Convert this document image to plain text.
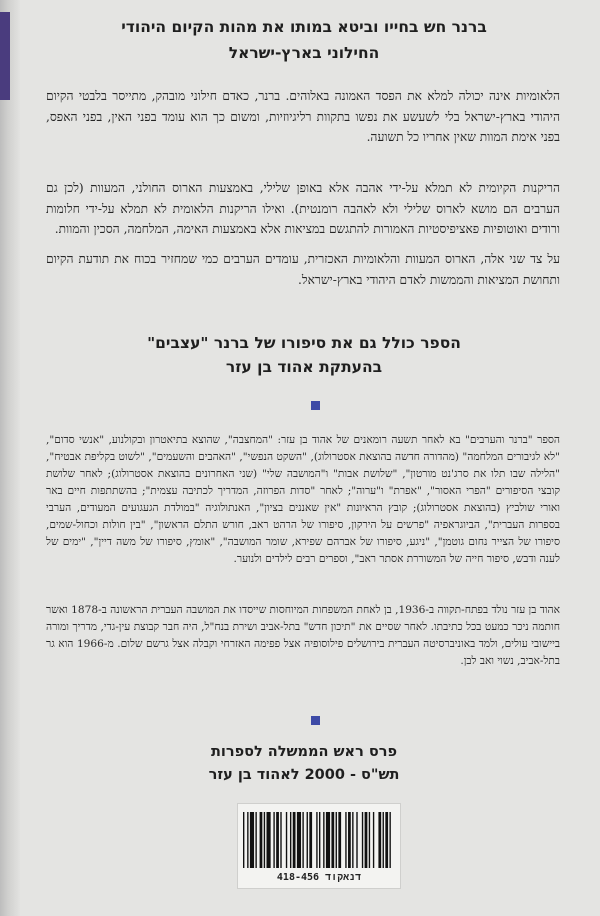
ברנר חש בחייו וביטא במותו את מהות הקיום היהודי
החילוני בארץ-ישראל

הלאומיות אינה יכולה למלא את הפסד האמונה באלוהים. ברנר, כאדם חילוני מובהק, מתייסר בלבטי הקיום היהודי בארץ-ישראל בלי לשעשע את נפשו בתקוות רליגיוזיות, ומשום כך הוא עומד בפני האין, בפני האפס, בפני אימת המוות שאין אחריו כל תשועה.

הריקנות הקיומית לא תמלא על-ידי אהבה אלא באופן שלילי, באמצעות הארוס החולני, המעוות (לכן גם הערבים הם מושא לארוס שלילי ולא לאהבה רומנטית). ואילו הריקנות הלאומית לא תמלא על-ידי חלומות ורודים ואוטופיות פאציפיסטיות האמורות להתגשם במציאות אלא באמצעות האימה, המלחמה, הסכין והמוות.

על צד שני אלה, הארוס המעוות והלאומיות האכזרית, עומדים הערבים כמי שמחזיר בכוח את תודעת הקיום ותחושת המציאות והממשות לאדם היהודי בארץ-ישראל.

הספר כולל גם את סיפורו של ברנר "עצבים"
בהעתקת אהוד בן עזר

הספר "ברנר והערבים" בא לאחר תשעה רומאנים של אהוד בן עזר: "המחצבה", שהוצא בתיאטרון ובקולנוע, "אנשי סדום", "לא לגיבורים המלחמה" (מהדורה חדשה בהוצאת אסטרולוג), "השקט הנפשי", "האהבים והשעמים", "לשוט בקליפת אבטיח", "הלילה שבו תלו את סרג'נט מורטון", "שלושת אבות" ו"המושבה שלי" (שני האחרונים בהוצאת אסטרולוג); לאחר שלושת קובצי הסיפורים "הפרי האסור", "אפרת" ו"ערוה"; לאחר "סדות הפרוזה, המדריך לכתיבה עצמית"; בהשתתפות חיים באר ואורי שולביץ (בהוצאת אסטרולוג); קובץ הראיונות "אין שאננים בציון", האנתולוגיה "במולדת הגעגועים המעודים, הערבי בספרות העברית", הביוגראפיה "פרשים על הירקון, סיפורו של הרהט ראב, חורש התלם הראשון", "בין חולות וכחול-שמים, סיפורו של הצייר נחום גוטמן", "ניגע, סיפורו של אברהם שפירא, שומר המושבה", "אומץ, סיפורו של משה דיין", "ימים של לענה ודבש, סיפור חייה של המשוררת אסתר ראב", וספרים רבים לילדים ולנוער.

אהוד בן עזר נולד בפתח-תקווה ב-1936, בן לאחת המשפחות המיוחסות שייסדו את המושבה העברית הראשונה ב-1878 ואשר חותמה ניכר כמעט בכל כתיבתו. לאחר שסיים את "תיכון חדש" בתל-אביב ושירת בנח"ל, היה חבר קבוצת עין-גדי, מדריך ומורה ביישובי עולים, ולמד באוניברסיטה העברית בירושלים פילוסופיה אצל פפימה האזרחי וקבלה אצל גרשם שלום. מ-1966 הוא גר בתל-אביב, נשוי ואב לבן.

פרס ראש הממשלה לספרות
תש"ס - 2000 לאהוד בן עזר
דנאקוד 418-456
